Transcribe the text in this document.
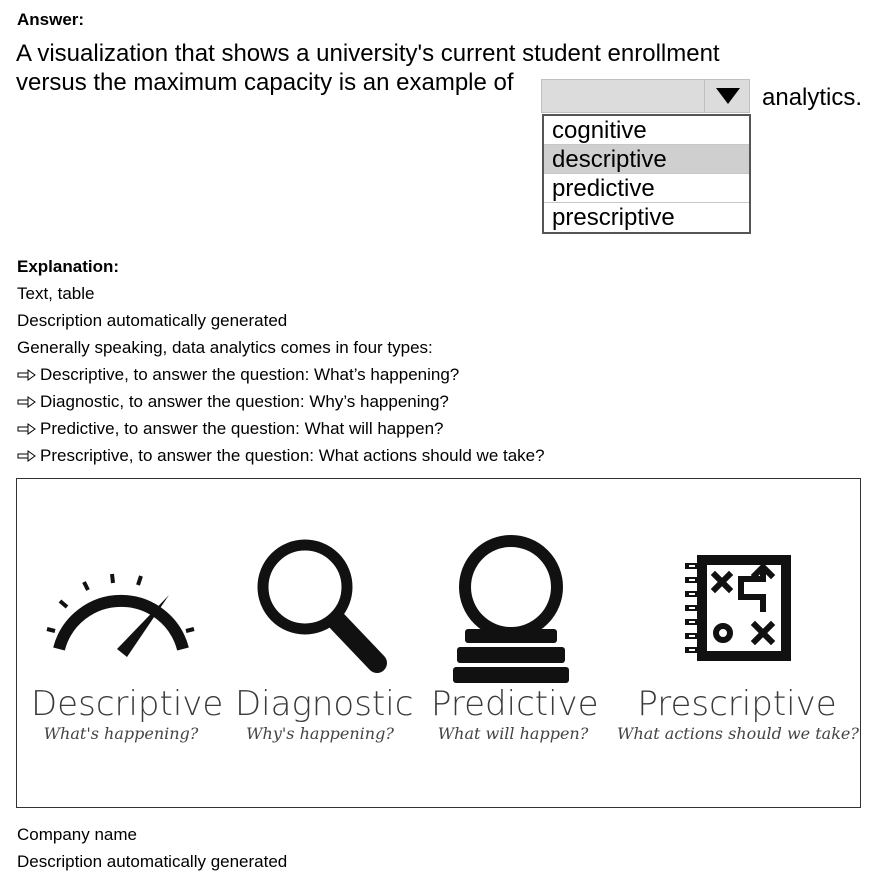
Answer:
A visualization that shows a university's current student enrollment
versus the maximum capacity is an example of
analytics.
cognitive
descriptive
predictive
prescriptive
Explanation:
Text, table
Description automatically generated
Generally speaking, data analytics comes in four types:
Descriptive, to answer the question: What’s happening?
Diagnostic, to answer the question: Why’s happening?
Predictive, to answer the question: What will happen?
Prescriptive, to answer the question: What actions should we take?
Descriptive
What's happening?
Diagnostic
Why's happening?
Predictive
What will happen?
Prescriptive
What actions should we take?
Company name
Description automatically generated
